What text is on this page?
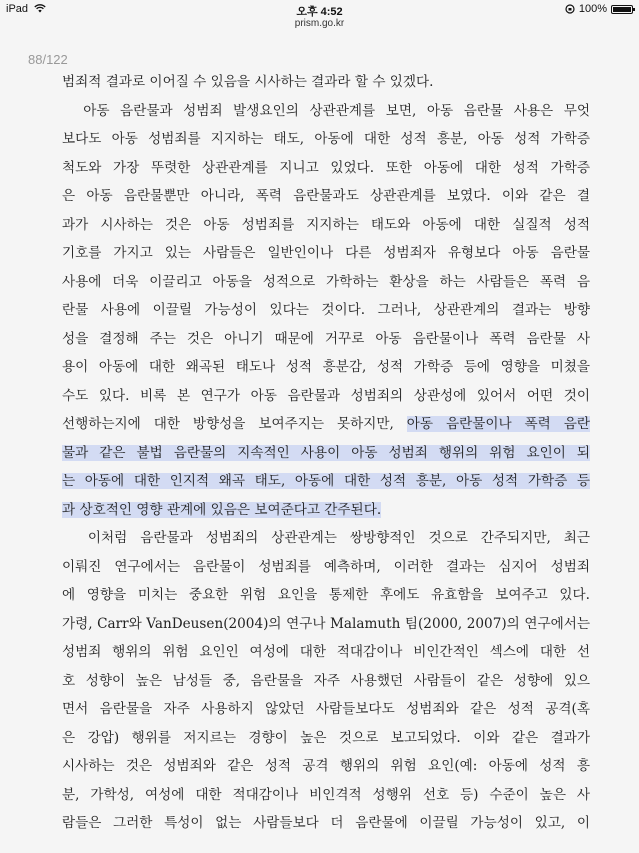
iPad	오후 4:52	100%
prism.go.kr
88/122
범죄적 결과로 이어질 수 있음을 시사하는 결과라 할 수 있겠다.
아동 음란물과 성범죄 발생요인의 상관관계를 보면, 아동 음란물 사용은 무엇
보다도 아동 성범죄를 지지하는 태도, 아동에 대한 성적 흥분, 아동 성적 가학증
척도와 가장 뚜렷한 상관관계를 지니고 있었다. 또한 아동에 대한 성적 가학증
은 아동 음란물뿐만 아니라, 폭력 음란물과도 상관관계를 보였다. 이와 같은 결
과가 시사하는 것은 아동 성범죄를 지지하는 태도와 아동에 대한 실질적 성적
기호를 가지고 있는 사람들은 일반인이나 다른 성범죄자 유형보다 아동 음란물
사용에 더욱 이끌리고 아동을 성적으로 가학하는 환상을 하는 사람들은 폭력 음
란물 사용에 이끌릴 가능성이 있다는 것이다. 그러나, 상관관계의 결과는 방향
성을 결정해 주는 것은 아니기 때문에 거꾸로 아동 음란물이나 폭력 음란물 사
용이 아동에 대한 왜곡된 태도나 성적 흥분감, 성적 가학증 등에 영향을 미쳤을
수도 있다. 비록 본 연구가 아동 음란물과 성범죄의 상관성에 있어서 어떤 것이
선행하는지에 대한 방향성을 보여주지는 못하지만, 아동 음란물이나 폭력 음란
물과 같은 불법 음란물의 지속적인 사용이 아동 성범죄 행위의 위험 요인이 되
는 아동에 대한 인지적 왜곡 태도, 아동에 대한 성적 흥분, 아동 성적 가학증 등
과 상호적인 영향 관계에 있음은 보여준다고 간주된다.
이처럼 음란물과 성범죄의 상관관계는 쌍방향적인 것으로 간주되지만, 최근
이뤄진 연구에서는 음란물이 성범죄를 예측하며, 이러한 결과는 심지어 성범죄
에 영향을 미치는 중요한 위험 요인을 통제한 후에도 유효함을 보여주고 있다.
가령, Carr와 VanDeusen(2004)의 연구나 Malamuth 팀(2000, 2007)의 연구에서는
성범죄 행위의 위험 요인인 여성에 대한 적대감이나 비인간적인 섹스에 대한 선
호 성향이 높은 남성들 중, 음란물을 자주 사용했던 사람들이 같은 성향에 있으
면서 음란물을 자주 사용하지 않았던 사람들보다도 성범죄와 같은 성적 공격(혹
은 강압) 행위를 저지르는 경향이 높은 것으로 보고되었다. 이와 같은 결과가
시사하는 것은 성범죄와 같은 성적 공격 행위의 위험 요인(예: 아동에 성적 흥
분, 가학성, 여성에 대한 적대감이나 비인격적 성행위 선호 등) 수준이 높은 사
람들은 그러한 특성이 없는 사람들보다 더 음란물에 이끌릴 가능성이 있고, 이
